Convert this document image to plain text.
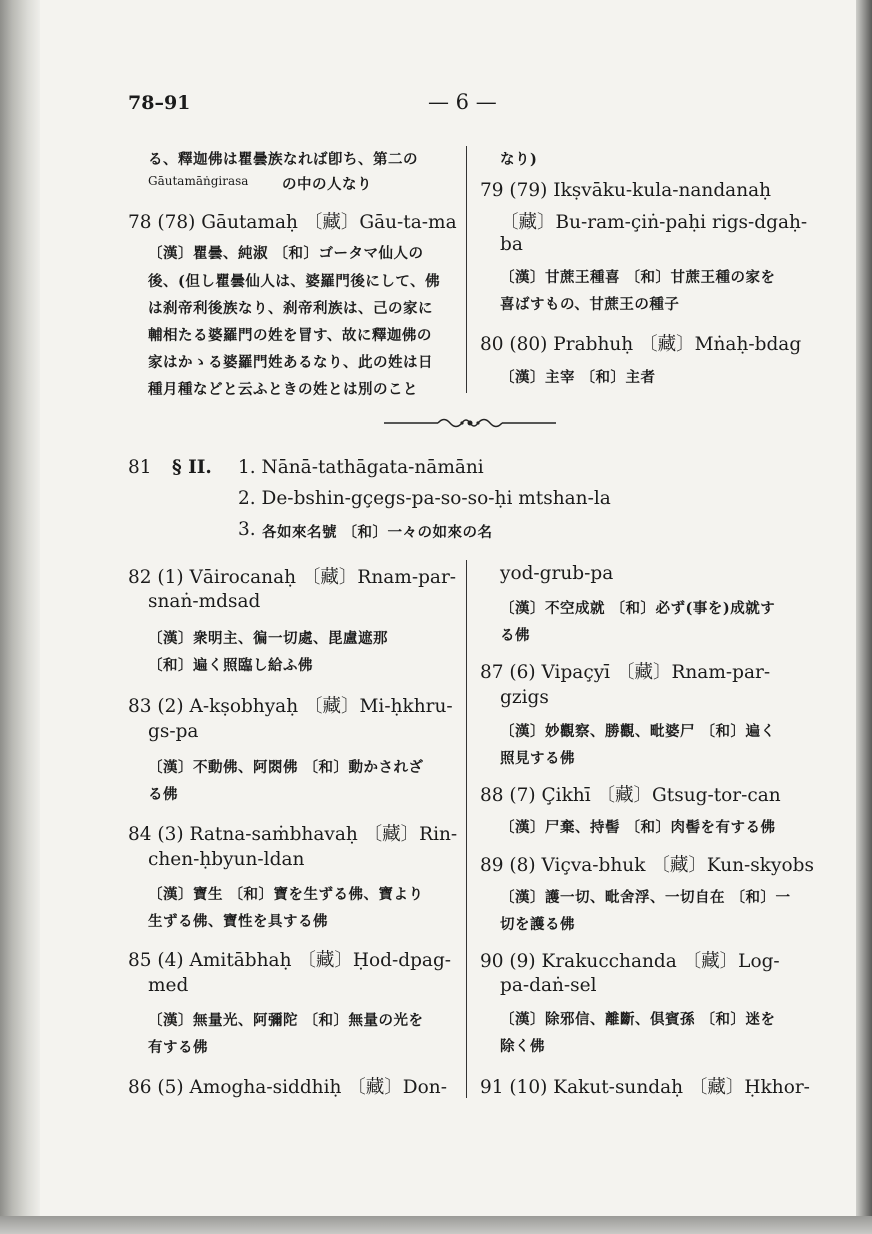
78–91	— 6 —
る、釋迦佛は瞿曇族なれば卽ち、第二の
Gāutamāṅgirasa の中の人なり
78 (78) Gāutamaḥ 〔藏〕Gāu-ta-ma
〔漢〕瞿曇、純淑 〔和〕ゴータマ仙人の
後、(但し瞿曇仙人は、婆羅門後にして、佛
は刹帝利後族なり、刹帝利族は、己の家に
輔相たる婆羅門の姓を冒す、故に釋迦佛の
家はかゝる婆羅門姓あるなり、此の姓は日
種月種などと云ふときの姓とは別のこと
なり)
79 (79) Ikṣvāku-kula-nandanaḥ
〔藏〕Bu-ram-çiṅ-paḥi rigs-dgaḥ-
ba
〔漢〕甘蔗王種喜 〔和〕甘蔗王種の家を
喜ばすもの、甘蔗王の種子
80 (80) Prabhuḥ 〔藏〕Mṅaḥ-bdag
〔漢〕主宰 〔和〕主者
81 § II. 1. Nānā-tathāgata-nāmāni
2. De-bshin-gçegs-pa-so-so-ḥi mtshan-la
3. 各如來名號 〔和〕一々の如來の名
82 (1) Vāirocanaḥ 〔藏〕Rnam-par-
snaṅ-mdsad
〔漢〕衆明主、徧一切處、毘盧遮那
〔和〕遍く照臨し給ふ佛
83 (2) A-kṣobhyaḥ 〔藏〕Mi-ḥkhru-
gs-pa
〔漢〕不動佛、阿閦佛 〔和〕動かされざ
る佛
84 (3) Ratna-saṁbhavaḥ 〔藏〕Rin-
chen-ḥbyun-ldan
〔漢〕寶生 〔和〕寶を生ずる佛、寶より
生ずる佛、寶性を具する佛
85 (4) Amitābhaḥ 〔藏〕Ḥod-dpag-
med
〔漢〕無量光、阿彌陀 〔和〕無量の光を
有する佛
86 (5) Amogha-siddhiḥ 〔藏〕Don-
yod-grub-pa
〔漢〕不空成就 〔和〕必ず(事を)成就す
る佛
87 (6) Vipaçyī 〔藏〕Rnam-par-
gzigs
〔漢〕妙觀察、勝觀、毗婆尸 〔和〕遍く
照見する佛
88 (7) Çikhī 〔藏〕Gtsug-tor-can
〔漢〕尸棄、持髻 〔和〕肉髻を有する佛
89 (8) Viçva-bhuk 〔藏〕Kun-skyobs
〔漢〕護一切、毗舍浮、一切自在 〔和〕一
切を護る佛
90 (9) Krakucchanda 〔藏〕Log-
pa-daṅ-sel
〔漢〕除邪信、離斷、倶賓孫 〔和〕迷を
除く佛
91 (10) Kakut-sundaḥ 〔藏〕Ḥkhor-
